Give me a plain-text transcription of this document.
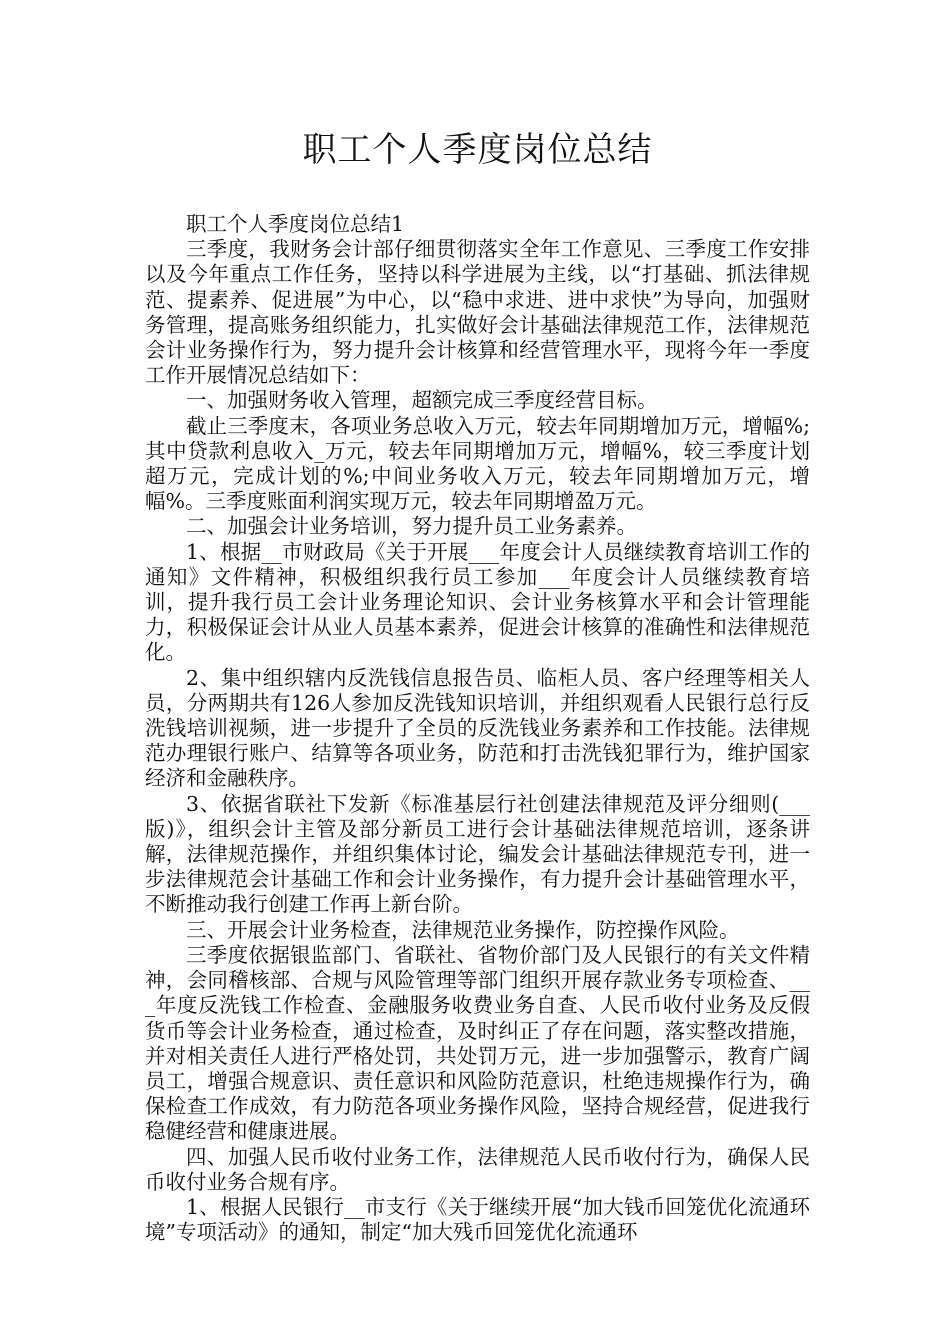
职工个人季度岗位总结

职工个人季度岗位总结1

三季度，我财务会计部仔细贯彻落实全年工作意见、三季度工作安排以及今年重点工作任务，坚持以科学进展为主线，以“打基础、抓法律规范、提素养、促进展”为中心，以“稳中求进、进中求快”为导向，加强财务管理，提高账务组织能力，扎实做好会计基础法律规范工作，法律规范会计业务操作行为，努力提升会计核算和经营管理水平，现将今年一季度工作开展情况总结如下：

一、加强财务收入管理，超额完成三季度经营目标。

截止三季度末，各项业务总收入万元，较去年同期增加万元，增幅%;其中贷款利息收入_万元，较去年同期增加万元，增幅%，较三季度计划超万元，完成计划的%;中间业务收入万元，较去年同期增加万元，增幅%。三季度账面利润实现万元，较去年同期增盈万元。

二、加强会计业务培训，努力提升员工业务素养。

1、根据__市财政局《关于开展___年度会计人员继续教育培训工作的通知》文件精神，积极组织我行员工参加___年度会计人员继续教育培训，提升我行员工会计业务理论知识、会计业务核算水平和会计管理能力，积极保证会计从业人员基本素养，促进会计核算的准确性和法律规范化。

2、集中组织辖内反洗钱信息报告员、临柜人员、客户经理等相关人员，分两期共有126人参加反洗钱知识培训，并组织观看人民银行总行反洗钱培训视频，进一步提升了全员的反洗钱业务素养和工作技能。法律规范办理银行账户、结算等各项业务，防范和打击洗钱犯罪行为，维护国家经济和金融秩序。

3、依据省联社下发新《标准基层行社创建法律规范及评分细则(___版)》，组织会计主管及部分新员工进行会计基础法律规范培训，逐条讲解，法律规范操作，并组织集体讨论，编发会计基础法律规范专刊，进一步法律规范会计基础工作和会计业务操作，有力提升会计基础管理水平，不断推动我行创建工作再上新台阶。

三、开展会计业务检查，法律规范业务操作，防控操作风险。

三季度依据银监部门、省联社、省物价部门及人民银行的有关文件精神，会同稽核部、合规与风险管理等部门组织开展存款业务专项检查、___年度反洗钱工作检查、金融服务收费业务自查、人民币收付业务及反假货币等会计业务检查，通过检查，及时纠正了存在问题，落实整改措施，并对相关责任人进行严格处罚，共处罚万元，进一步加强警示，教育广阔员工，增强合规意识、责任意识和风险防范意识，杜绝违规操作行为，确保检查工作成效，有力防范各项业务操作风险，坚持合规经营，促进我行稳健经营和健康进展。

四、加强人民币收付业务工作，法律规范人民币收付行为，确保人民币收付业务合规有序。

1、根据人民银行__市支行《关于继续开展“加大钱币回笼优化流通环境”专项活动》的通知，制定“加大残币回笼优化流通环
